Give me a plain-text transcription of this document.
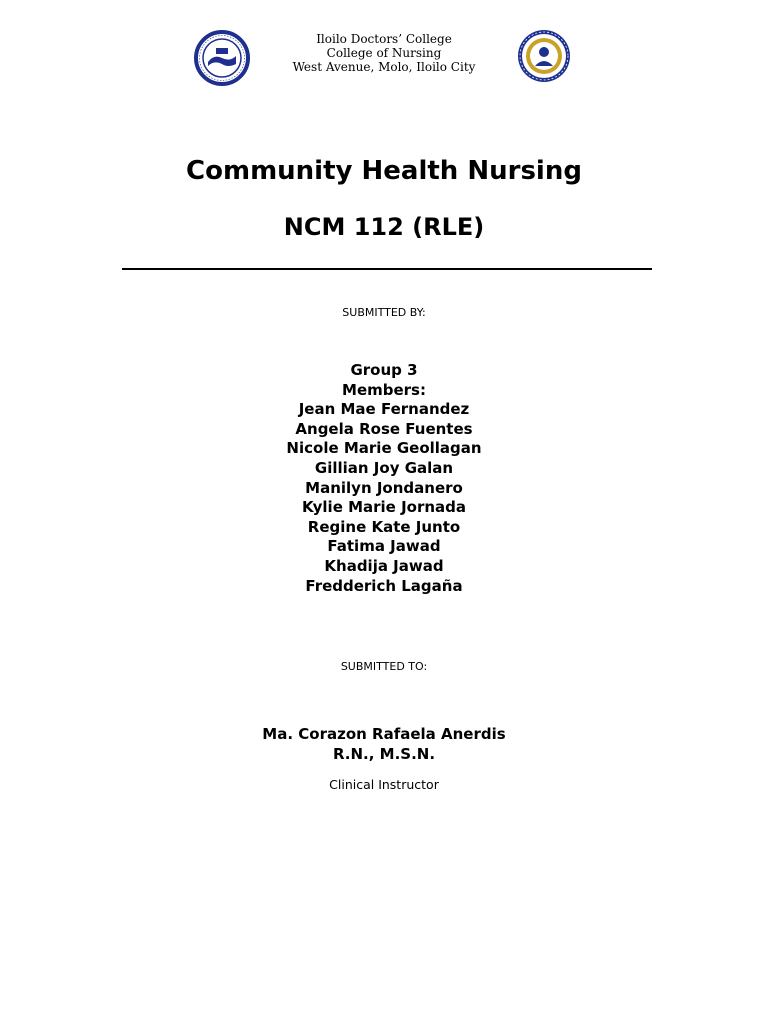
Iloilo Doctors’ College
College of Nursing
West Avenue, Molo, Iloilo City
Community Health Nursing
NCM 112 (RLE)
SUBMITTED BY:
Group 3
Members:
Jean Mae Fernandez
Angela Rose Fuentes
Nicole Marie Geollagan
Gillian Joy Galan
Manilyn Jondanero
Kylie Marie Jornada
Regine Kate Junto
Fatima Jawad
Khadija Jawad
Fredderich Lagaña
SUBMITTED TO:
Ma. Corazon Rafaela Anerdis
R.N., M.S.N.
Clinical Instructor
